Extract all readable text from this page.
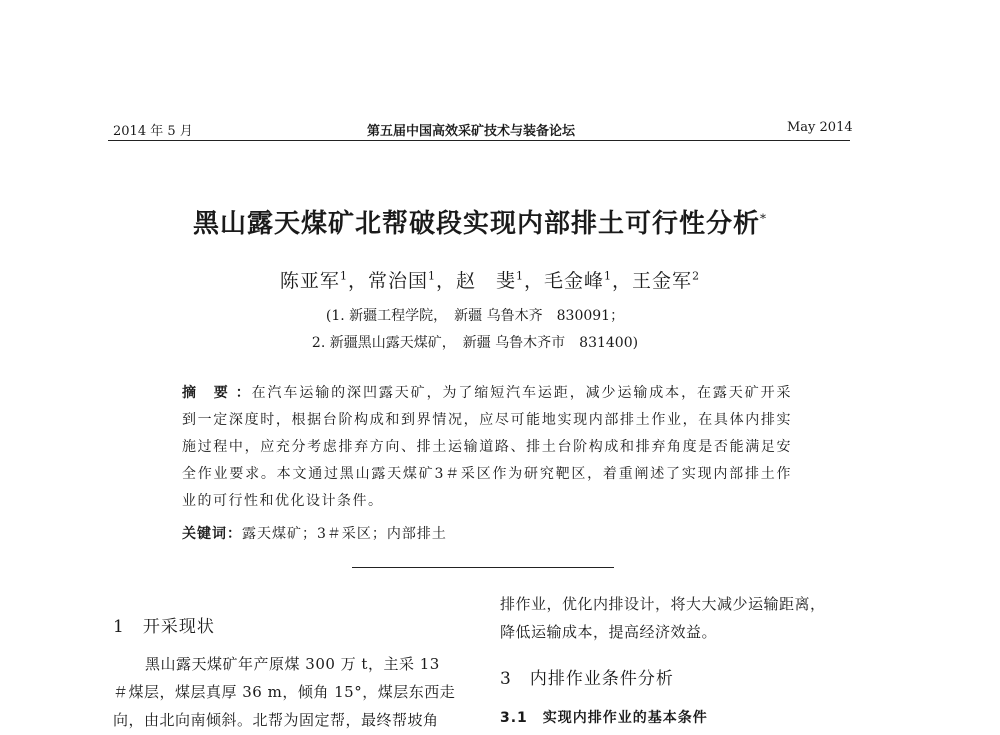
2014 年 5 月	第五届中国高效采矿技术与装备论坛	May 2014
黑山露天煤矿北帮破段实现内部排土可行性分析*
陈亚军$^1$，常治国$^1$，赵　斐$^1$，毛金峰$^1$，王金军$^2$
(1. 新疆工程学院，　新疆 乌鲁木齐　830091；
2. 新疆黑山露天煤矿，　新疆 乌鲁木齐市　831400)
摘　要 ：在汽车运输的深凹露天矿，为了缩短汽车运距，减少运输成本，在露天矿开采到一定深度时，根据台阶构成和到界情况，应尽可能地实现内部排土作业，在具体内排实施过程中，应充分考虑排弃方向、排土运输道路、排土台阶构成和排弃角度是否能满足安全作业要求。本文通过黑山露天煤矿3＃采区作为研究靶区，着重阐述了实现内部排土作业的可行性和优化设计条件。
关键词：露天煤矿；3＃采区；内部排土
1　开采现状
黑山露天煤矿年产原煤 300 万 t，主采 13
＃煤层，煤层真厚 36 m，倾角 15°，煤层东西走
向，由北向南倾斜。北帮为固定帮，最终帮坡角
排作业，优化内排设计，将大大减少运输距离，
降低运输成本，提高经济效益。
3　内排作业条件分析
3.1　实现内排作业的基本条件
